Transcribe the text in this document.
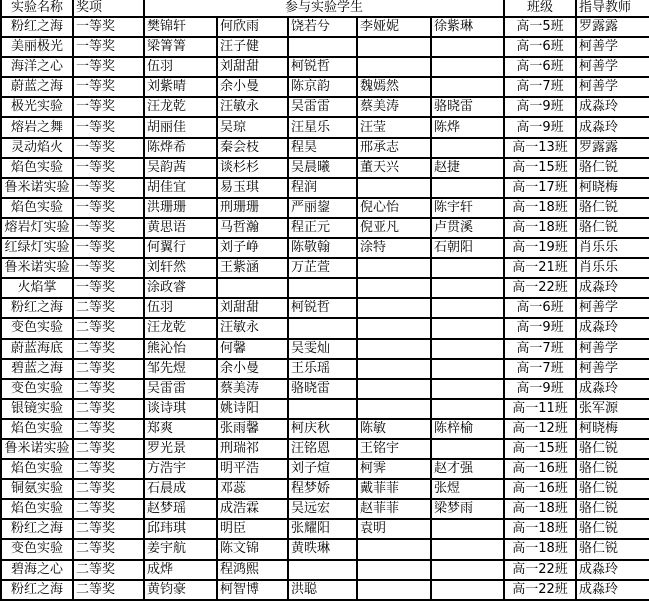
实验名称	奖项	参与实验学生					班级	指导教师
粉红之海	一等奖	樊锦轩	何欣雨	饶若兮	李娅妮	徐紫琳	高一5班	罗露露
美丽极光	一等奖	梁箐箐	汪子健				高一6班	柯善学
海洋之心	一等奖	伍羽	刘甜甜	柯锐哲			高一6班	柯善学
蔚蓝之海	一等奖	刘紫晴	余小曼	陈京韵	魏嫣然		高一7班	柯善学
极光实验	一等奖	汪龙乾	汪敏永	吴雷雷	蔡美涛	骆晓雷	高一9班	成淼玲
熔岩之舞	一等奖	胡丽佳	吴琼	汪星乐	汪莹	陈烨	高一9班	成淼玲
灵动焰火	一等奖	陈烨希	秦会枝	程昊	邢承志		高一13班	罗露露
焰色实验	一等奖	吴韵茜	谈杉杉	吴晨曦	董天兴	赵捷	高一15班	骆仁锐
鲁米诺实验	一等奖	胡佳宜	易玉琪	程润			高一17班	柯晓梅
焰色实验	一等奖	洪珊珊	刑珊珊	严丽鋆	倪心怡	陈宇轩	高一18班	骆仁锐
熔岩灯实验	一等奖	黄思语	马哲瀚	程正元	倪亚凡	卢贯溪	高一18班	骆仁锐
红绿灯实验	一等奖	何翼行	刘子峥	陈敬翰	涂特	石朝阳	高一19班	肖乐乐
鲁米诺实验	一等奖	刘轩然	王紫涵	万芷萱			高一21班	肖乐乐
火焰掌	一等奖	涂政睿					高一22班	成淼玲
粉红之海	二等奖	伍羽	刘甜甜	柯锐哲			高一6班	柯善学
变色实验	二等奖	汪龙乾	汪敏永				高一9班	成淼玲
蔚蓝海底	二等奖	熊沁怡	何馨	吴雯灿			高一7班	柯善学
碧蓝之海	二等奖	邹先煜	余小曼	王乐瑶			高一7班	柯善学
变色实验	二等奖	吴雷雷	蔡美涛	骆晓雷			高一9班	成淼玲
银镜实验	二等奖	谈诗琪	姚诗阳				高一11班	张军源
焰色实验	二等奖	郑爽	张雨馨	柯庆秋	陈敏	陈梓榆	高一12班	柯晓梅
鲁米诺实验	二等奖	罗光景	刑瑞祁	汪铭恩	王铭宇		高一15班	骆仁锐
焰色实验	二等奖	方浩宇	明平浩	刘子煊	柯霁	赵才强	高一16班	骆仁锐
铜氨实验	二等奖	石晨成	邓蕊	程梦娇	戴菲菲	张煜	高一16班	骆仁锐
焰色实验	二等奖	赵梦瑶	成浩霖	吴远宏	赵菲菲	梁梦雨	高一18班	骆仁锐
粉红之海	二等奖	邱玮琪	明臣	张耀阳	袁明		高一18班	骆仁锐
变色实验	二等奖	姜宇航	陈文锦	黄昳琳			高一18班	骆仁锐
碧海之心	二等奖	成烨	程鸿熙				高一22班	成淼玲
粉红之海	二等奖	黄钧豪	柯智博	洪聪			高一22班	成淼玲
